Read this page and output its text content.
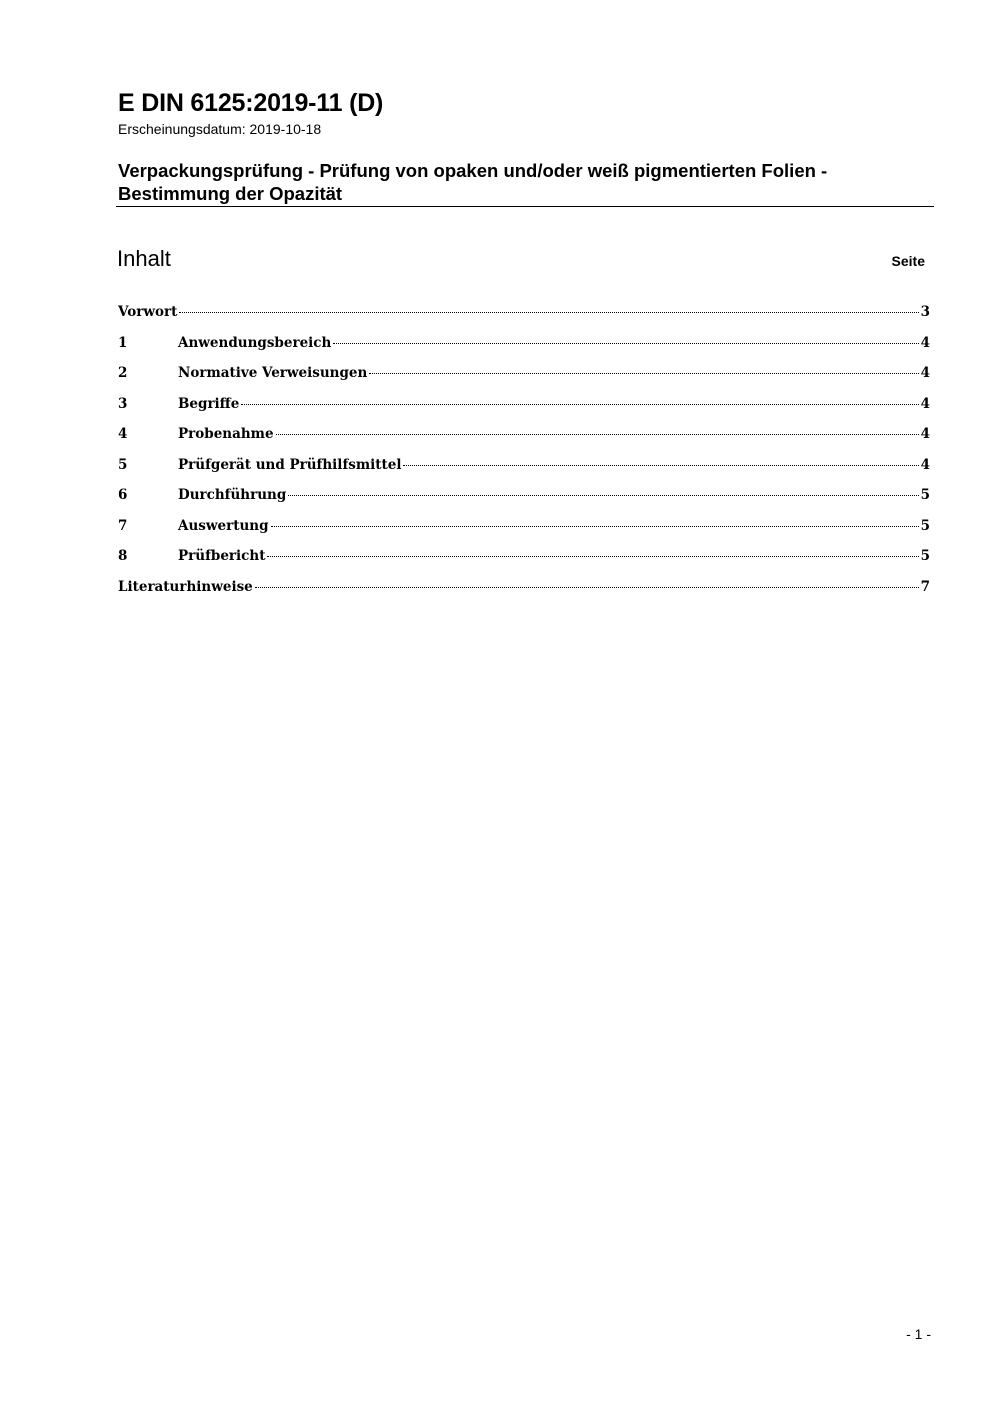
E DIN 6125:2019-11 (D)
Erscheinungsdatum: 2019-10-18
Verpackungsprüfung - Prüfung von opaken und/oder weiß pigmentierten Folien -
Bestimmung der Opazität
Inhalt	Seite
Vorwort	3
1	Anwendungsbereich	4
2	Normative Verweisungen	4
3	Begriffe	4
4	Probenahme	4
5	Prüfgerät und Prüfhilfsmittel	4
6	Durchführung	5
7	Auswertung	5
8	Prüfbericht	5
Literaturhinweise	7
- 1 -
